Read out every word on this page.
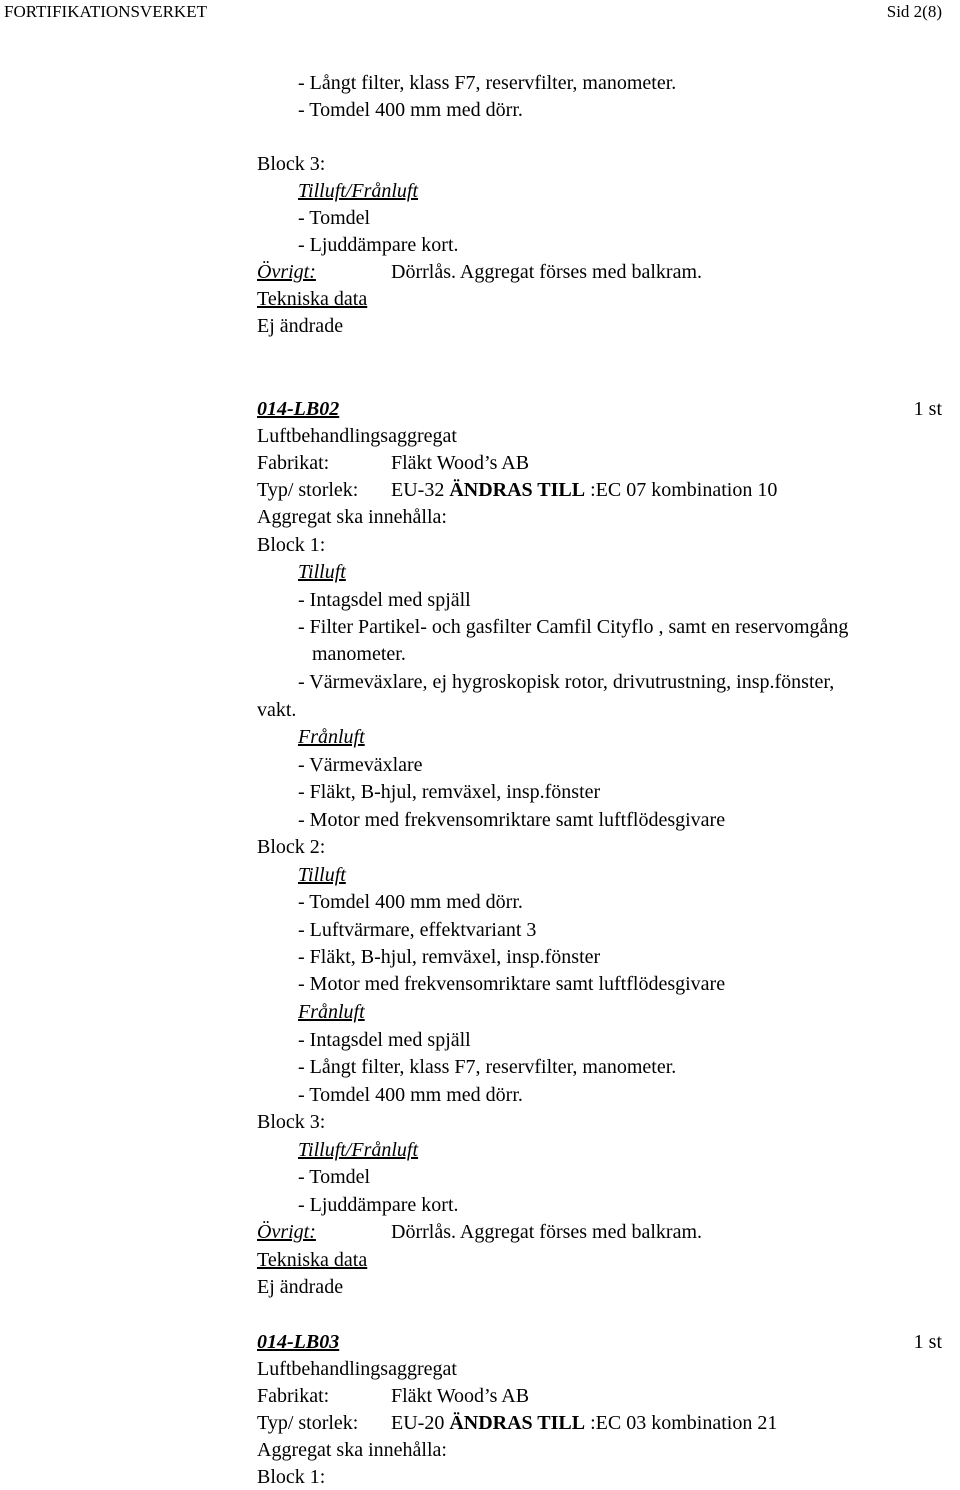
FORTIFIKATIONSVERKET	Sid 2(8)
- Långt filter, klass F7, reservfilter, manometer.
- Tomdel 400 mm med dörr.
Block 3:
Tilluft/Frånluft
- Tomdel
- Ljuddämpare kort.
Övrigt:	Dörrlås. Aggregat förses med balkram.
Tekniska data
Ej ändrade
014-LB02	1 st
Luftbehandlingsaggregat
Fabrikat:	Fläkt Wood’s AB
Typ/ storlek: EU-32 ÄNDRAS TILL :EC 07 kombination 10
Aggregat ska innehålla:
Block 1:
Tilluft
- Intagsdel med spjäll
- Filter Partikel- och gasfilter Camfil Cityflo , samt en reservomgång
manometer.
- Värmeväxlare, ej hygroskopisk rotor, drivutrustning, insp.fönster,
vakt.
Frånluft
- Värmeväxlare
- Fläkt, B-hjul, remväxel, insp.fönster
- Motor med frekvensomriktare samt luftflödesgivare
Block 2:
Tilluft
- Tomdel 400 mm med dörr.
- Luftvärmare, effektvariant 3
- Fläkt, B-hjul, remväxel, insp.fönster
- Motor med frekvensomriktare samt luftflödesgivare
Frånluft
- Intagsdel med spjäll
- Långt filter, klass F7, reservfilter, manometer.
- Tomdel 400 mm med dörr.
Block 3:
Tilluft/Frånluft
- Tomdel
- Ljuddämpare kort.
Övrigt:	Dörrlås. Aggregat förses med balkram.
Tekniska data
Ej ändrade
014-LB03	1 st
Luftbehandlingsaggregat
Fabrikat:	Fläkt Wood’s AB
Typ/ storlek: EU-20 ÄNDRAS TILL :EC 03 kombination 21
Aggregat ska innehålla:
Block 1:
